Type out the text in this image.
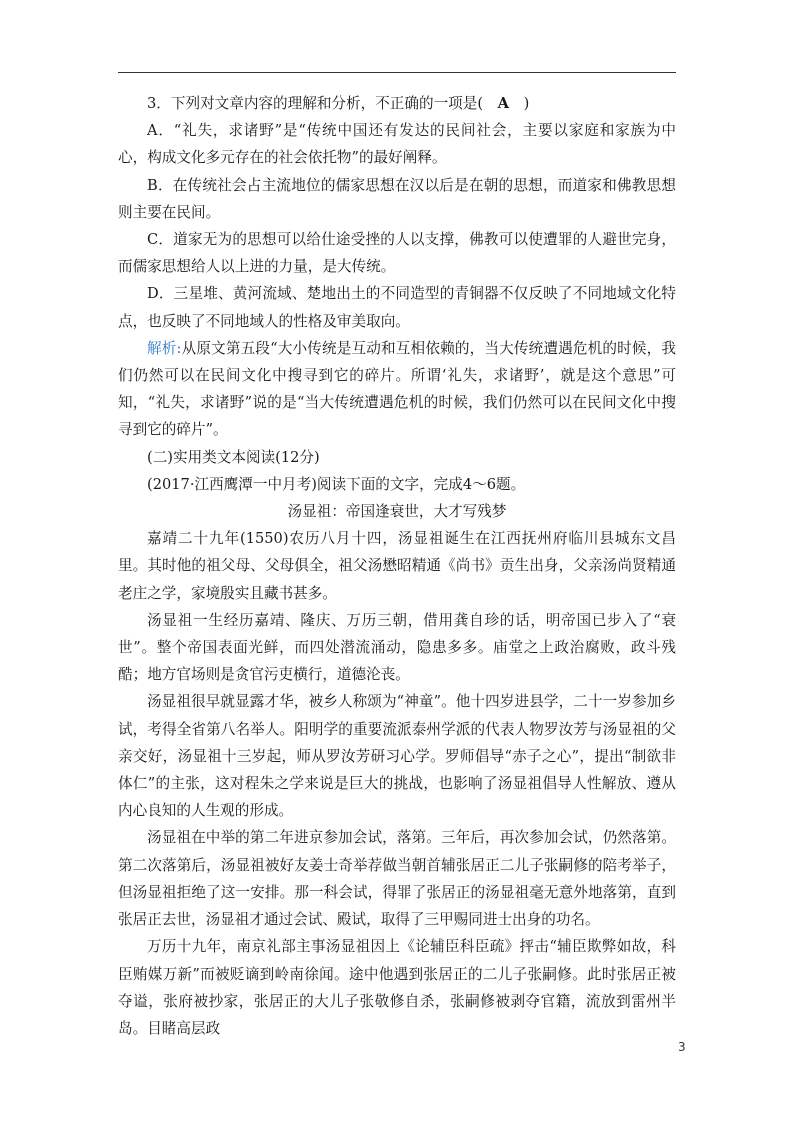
3．下列对文章内容的理解和分析，不正确的一项是(　A　)

A．“礼失，求诸野”是“传统中国还有发达的民间社会，主要以家庭和家族为中心，构成文化多元存在的社会依托物”的最好阐释。

B．在传统社会占主流地位的儒家思想在汉以后是在朝的思想，而道家和佛教思想则主要在民间。

C．道家无为的思想可以给仕途受挫的人以支撑，佛教可以使遭罪的人避世完身，而儒家思想给人以上进的力量，是大传统。

D．三星堆、黄河流域、楚地出土的不同造型的青铜器不仅反映了不同地域文化特点，也反映了不同地域人的性格及审美取向。

解析:从原文第五段“大小传统是互动和互相依赖的，当大传统遭遇危机的时候，我们仍然可以在民间文化中搜寻到它的碎片。所谓‘礼失，求诸野’，就是这个意思”可知，“礼失，求诸野”说的是“当大传统遭遇危机的时候，我们仍然可以在民间文化中搜寻到它的碎片”。

(二)实用类文本阅读(12分)

(2017·江西鹰潭一中月考)阅读下面的文字，完成4～6题。

汤显祖：帝国逢衰世，大才写残梦

嘉靖二十九年(1550)农历八月十四，汤显祖诞生在江西抚州府临川县城东文昌里。其时他的祖父母、父母俱全，祖父汤懋昭精通《尚书》贡生出身，父亲汤尚贤精通老庄之学，家境殷实且藏书甚多。

汤显祖一生经历嘉靖、隆庆、万历三朝，借用龚自珍的话，明帝国已步入了“衰世”。整个帝国表面光鲜，而四处潜流涌动，隐患多多。庙堂之上政治腐败，政斗残酷；地方官场则是贪官污吏横行，道德沦丧。

汤显祖很早就显露才华，被乡人称颂为“神童”。他十四岁进县学，二十一岁参加乡试，考得全省第八名举人。阳明学的重要流派泰州学派的代表人物罗汝芳与汤显祖的父亲交好，汤显祖十三岁起，师从罗汝芳研习心学。罗师倡导“赤子之心”，提出“制欲非体仁”的主张，这对程朱之学来说是巨大的挑战，也影响了汤显祖倡导人性解放、遵从内心良知的人生观的形成。

汤显祖在中举的第二年进京参加会试，落第。三年后，再次参加会试，仍然落第。第二次落第后，汤显祖被好友姜士奇举荐做当朝首辅张居正二儿子张嗣修的陪考举子，但汤显祖拒绝了这一安排。那一科会试，得罪了张居正的汤显祖毫无意外地落第，直到张居正去世，汤显祖才通过会试、殿试，取得了三甲赐同进士出身的功名。

万历十九年，南京礼部主事汤显祖因上《论辅臣科臣疏》抨击“辅臣欺弊如故，科臣贿媒万新”而被贬谪到岭南徐闻。途中他遇到张居正的二儿子张嗣修。此时张居正被夺谥，张府被抄家，张居正的大儿子张敬修自杀，张嗣修被剥夺官籍，流放到雷州半岛。目睹高层政

3
